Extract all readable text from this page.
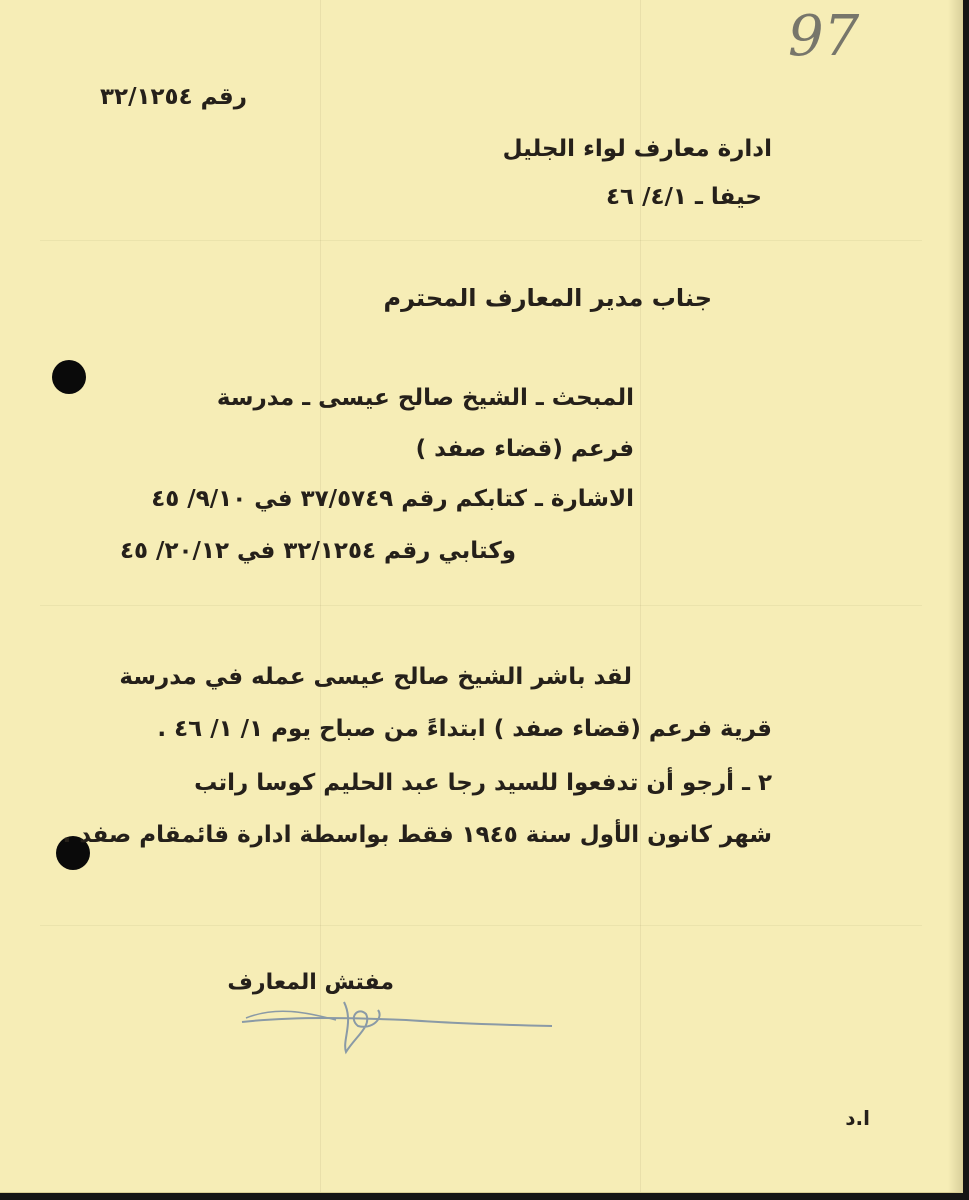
97
رقم ٣٢/١٢٥٤
ادارة معارف لواء الجليل
حيفا ـ ٤/١/ ٤٦
جناب مدير المعارف المحترم
المبحث ـ الشيخ صالح عيسى ـ مدرسة
فرعم (قضاء صفد )
الاشارة ـ كتابكم رقم ٣٧/٥٧٤٩ في ٩/١٠/ ٤٥
وكتابي رقم ٣٢/١٢٥٤ في ٢٠/١٢/ ٤٥
لقد باشر الشيخ صالح عيسى عمله في مدرسة
قرية فرعم (قضاء صفد ) ابتداءً من صباح يوم ١/ ١/ ٤٦ .
٢ ـ أرجو أن تدفعوا للسيد رجا عبد الحليم كوسا راتب
شهر كانون الأول سنة ١٩٤٥ فقط بواسطة ادارة قائمقام صفد .
مفتش المعارف
ا.د
